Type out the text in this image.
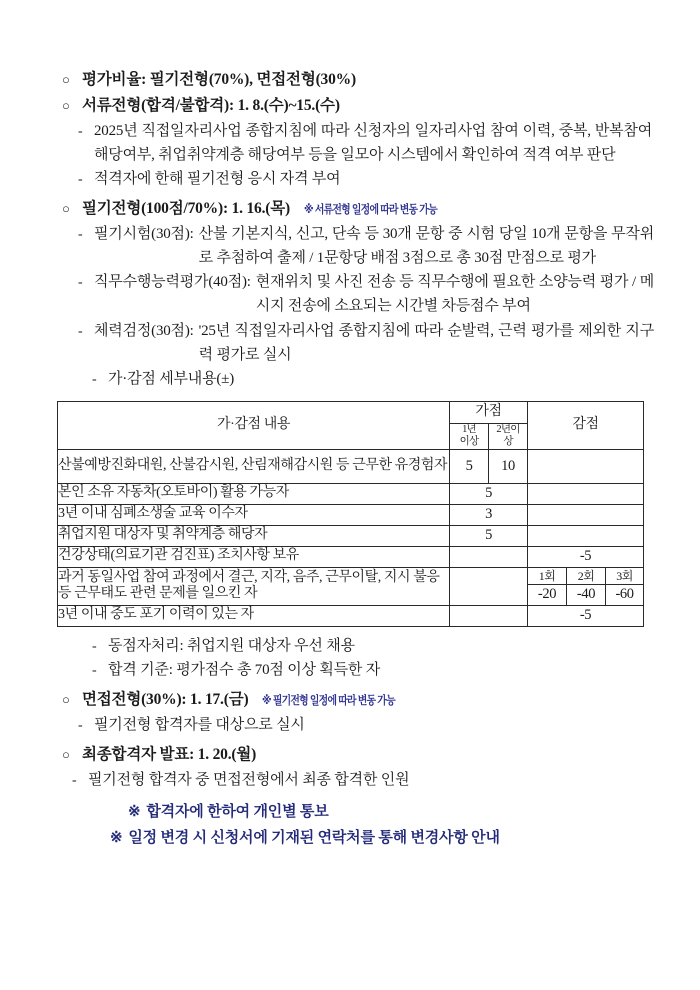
○ 평가비율: 필기전형(70%), 면접전형(30%)
○ 서류전형(합격/불합격): 1. 8.(수)~15.(수)
- 2025년 직접일자리사업 종합지침에 따라 신청자의 일자리사업 참여 이력, 중복, 반복참여 해당여부, 취업취약계층 해당여부 등을 일모아 시스템에서 확인하여 적격 여부 판단
- 적격자에 한해 필기전형 응시 자격 부여
○ 필기전형(100점/70%): 1. 16.(목) ※ 서류전형 일정에 따라 변동 가능
- 필기시험(30점): 산불 기본지식, 신고, 단속 등 30개 문항 중 시험 당일 10개 문항을 무작위로 추첨하여 출제 / 1문항당 배점 3점으로 총 30점 만점으로 평가
- 직무수행능력평가(40점): 현재위치 및 사진 전송 등 직무수행에 필요한 소양능력 평가 / 메시지 전송에 소요되는 시간별 차등점수 부여
- 체력검정(30점): '25년 직접일자리사업 종합지침에 따라 순발력, 근력 평가를 제외한 지구력 평가로 실시
- 가·감점 세부내용(±)
가·감점 내용	가점		감점		
	1년
이상	2년이
상			
산불예방진화대원, 산불감시원, 산림재해감시원 등 근무한 유경험자	5	10			
본인 소유 자동차(오토바이) 활용 가능자	5				
3년 이내 심폐소생술 교육 이수자	3				
취업지원 대상자 및 취약계층 해당자	5				
건강상태(의료기관 검진표) 조치사항 보유			-5		
과거 동일사업 참여 과정에서 결근, 지각, 음주, 근무이탈, 지시 불응 등 근무태도 관련 문제를 일으킨 자			1회	2회	3회
			-20	-40	-60
3년 이내 중도 포기 이력이 있는 자			-5		
- 동점자처리: 취업지원 대상자 우선 채용
- 합격 기준: 평가점수 총 70점 이상 획득한 자
○ 면접전형(30%): 1. 17.(금) ※ 필기전형 일정에 따라 변동 가능
- 필기전형 합격자를 대상으로 실시
○ 최종합격자 발표: 1. 20.(월)
- 필기전형 합격자 중 면접전형에서 최종 합격한 인원
※ 합격자에 한하여 개인별 통보
※ 일정 변경 시 신청서에 기재된 연락처를 통해 변경사항 안내
